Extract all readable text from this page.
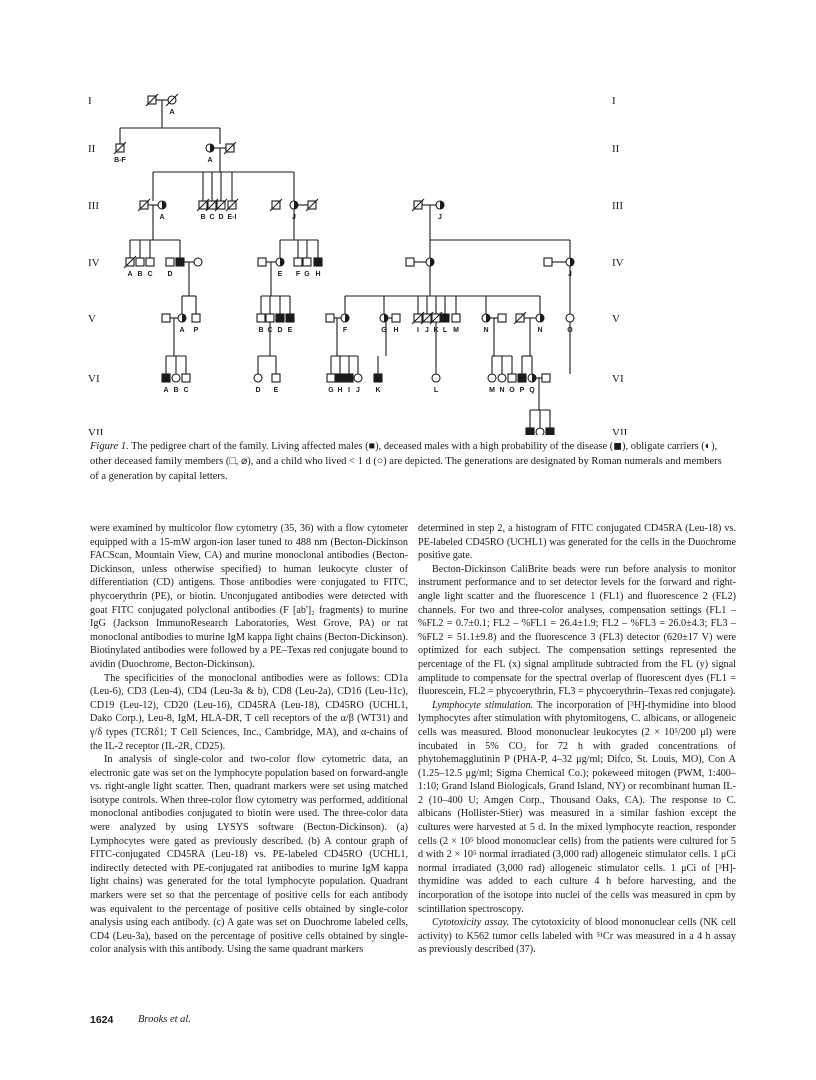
I	I
II	II
III	III
IV	IV
V	V
VI	VI
VII	VII
A
B-F	A
A	B C D E-I	J	J
A B C D	E F G H	I	J
A P	B C D E	F	G H	I J K L M	N	N	O
A B C	D E	G H I J K	L	M N O P Q
Figure 1. The pedigree chart of the family. Living affected males (■), deceased males with a high probability of the disease (◼), obligate carriers (◐), other deceased family members (□, ⌀), and a child who lived < 1 d (○) are depicted. The generations are designated by Roman numerals and members of a generation by capital letters.

were examined by multicolor flow cytometry (35, 36) with a flow cytometer equipped with a 15-mW argon-ion laser tuned to 488 nm (Becton-Dickinson FACScan, Mountain View, CA) and murine monoclonal antibodies (Becton-Dickinson, unless otherwise specified) to human leukocyte cluster of differentiation (CD) antigens. Those antibodies were conjugated to FITC, phycoerythrin (PE), or biotin. Unconjugated antibodies were detected with goat FITC conjugated polyclonal antibodies (F [ab']₂ fragments) to murine IgG (Jackson ImmunoResearch Laboratories, West Grove, PA) or rat monoclonal antibodies to murine IgM kappa light chains (Becton-Dickinson). Biotinylated antibodies were followed by a PE–Texas red conjugate bound to avidin (Duochrome, Becton-Dickinson).

The specificities of the monoclonal antibodies were as follows: CD1a (Leu-6), CD3 (Leu-4), CD4 (Leu-3a & b), CD8 (Leu-2a), CD16 (Leu-11c), CD19 (Leu-12), CD20 (Leu-16), CD45RA (Leu-18), CD45RO (UCHL1, Dako Corp.), Leu-8, IgM, HLA-DR, T cell receptors of the α/β (WT31) and γ/δ types (TCRδ1; T Cell Sciences, Inc., Cambridge, MA), and α-chains of the IL-2 receptor (IL-2R, CD25).

In analysis of single-color and two-color flow cytometric data, an electronic gate was set on the lymphocyte population based on forward-angle vs. right-angle light scatter. Then, quadrant markers were set using matched isotype controls. When three-color flow cytometry was performed, additional monoclonal antibodies conjugated to biotin were used. The three-color data were analyzed by using LYSYS software (Becton-Dickinson). (a) Lymphocytes were gated as previously described. (b) A contour graph of FITC-conjugated CD45RA (Leu-18) vs. PE-labeled CD45RO (UCHL1, indirectly detected with PE-conjugated rat antibodies to murine IgM kappa light chains) was generated for the total lymphocyte population. Quadrant markers were set so that the percentage of positive cells for each antibody was equivalent to the percentage of positive cells obtained by single-color analysis using each antibody. (c) A gate was set on Duochrome labeled cells, CD4 (Leu-3a), based on the percentage of positive cells obtained by single-color analysis with this antibody. Using the same quadrant markers

determined in step 2, a histogram of FITC conjugated CD45RA (Leu-18) vs. PE-labeled CD45RO (UCHL1) was generated for the cells in the Duochrome positive gate.

Becton-Dickinson CaliBrite beads were run before analysis to monitor instrument performance and to set detector levels for the forward and right-angle light scatter and the fluorescence 1 (FL1) and fluorescence 2 (FL2) channels. For two and three-color analyses, compensation settings (FL1 – %FL2 = 0.7±0.1; FL2 – %FL1 = 26.4±1.9; FL2 – %FL3 = 26.0±4.3; FL3 – %FL2 = 51.1±9.8) and the fluorescence 3 (FL3) detector (620±17 V) were optimized for each subject. The compensation settings represented the percentage of the FL (x) signal amplitude subtracted from the FL (y) signal amplitude to compensate for the spectral overlap of fluorescent dyes (FL1 = fluorescein, FL2 = phycoerythrin, FL3 = phycoerythrin–Texas red conjugate).

Lymphocyte stimulation. The incorporation of [³H]-thymidine into blood lymphocytes after stimulation with phytomitogens, C. albicans, or allogeneic cells was measured. Blood mononuclear leukocytes (2 × 10⁵/200 μl) were incubated in 5% CO₂ for 72 h with graded concentrations of phytohemagglutinin P (PHA-P, 4–32 μg/ml; Difco, St. Louis, MO), Con A (1.25–12.5 μg/ml; Sigma Chemical Co.); pokeweed mitogen (PWM, 1:400–1:10; Grand Island Biologicals, Grand Island, NY) or recombinant human IL-2 (10–400 U; Amgen Corp., Thousand Oaks, CA). The response to C. albicans (Hollister-Stier) was measured in a similar fashion except the cultures were harvested at 5 d. In the mixed lymphocyte reaction, responder cells (2 × 10⁵ blood mononuclear cells) from the patients were cultured for 5 d with 2 × 10⁵ normal irradiated (3,000 rad) allogeneic stimulator cells. 1 μCi normal irradiated (3,000 rad) allogeneic stimulator cells. 1 μCi of [³H]-thymidine was added to each culture 4 h before harvesting, and the incorporation of the isotope into nuclei of the cells was measured in cpm by scintillation spectroscopy.

Cytotoxicity assay. The cytotoxicity of blood mononuclear cells (NK cell activity) to K562 tumor cells labeled with ⁵¹Cr was measured in a 4 h assay as previously described (37).

1624 Brooks et al.
